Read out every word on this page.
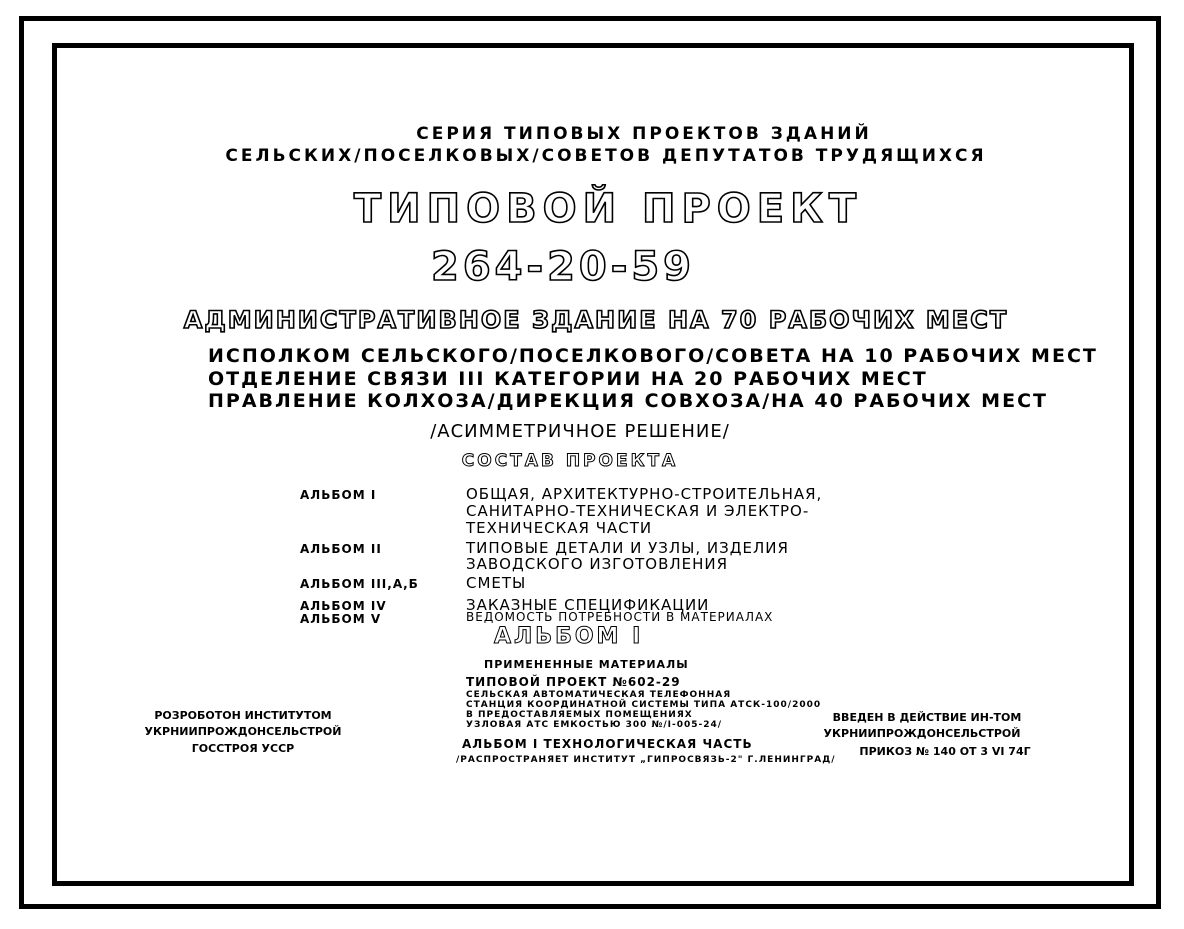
СЕРИЯ ТИПОВЫХ ПРОЕКТОВ ЗДАНИЙ
СЕЛЬСКИХ/ПОСЕЛКОВЫХ/СОВЕТОВ ДЕПУТАТОВ ТРУДЯЩИХСЯ
ТИПОВОЙ ПРОЕКТ
264-20-59
АДМИНИСТРАТИВНОЕ ЗДАНИЕ НА 70 РАБОЧИХ МЕСТ
ИСПОЛКОМ СЕЛЬСКОГО/ПОСЕЛКОВОГО/СОВЕТА НА 10 РАБОЧИХ МЕСТ
ОТДЕЛЕНИЕ СВЯЗИ III КАТЕГОРИИ НА 20 РАБОЧИХ МЕСТ
ПРАВЛЕНИЕ КОЛХОЗА/ДИРЕКЦИЯ СОВХОЗА/НА 40 РАБОЧИХ МЕСТ
/АСИММЕТРИЧНОЕ РЕШЕНИЕ/
СОСТАВ ПРОЕКТА
АЛЬБОМ I	ОБЩАЯ, АРХИТЕКТУРНО-СТРОИТЕЛЬНАЯ,
САНИТАРНО-ТЕХНИЧЕСКАЯ И ЭЛЕКТРО-
ТЕХНИЧЕСКАЯ ЧАСТИ
АЛЬБОМ II	ТИПОВЫЕ ДЕТАЛИ И УЗЛЫ, ИЗДЕЛИЯ
ЗАВОДСКОГО ИЗГОТОВЛЕНИЯ
АЛЬБОМ III,А,Б	СМЕТЫ
АЛЬБОМ IV	ЗАКАЗНЫЕ СПЕЦИФИКАЦИИ
АЛЬБОМ V	ВЕДОМОСТЬ ПОТРЕБНОСТИ В МАТЕРИАЛАХ
АЛЬБОМ I
ПРИМЕНЕННЫЕ МАТЕРИАЛЫ
ТИПОВОЙ ПРОЕКТ №602-29
СЕЛЬСКАЯ АВТОМАТИЧЕСКАЯ ТЕЛЕФОННАЯ
СТАНЦИЯ КООРДИНАТНОЙ СИСТЕМЫ ТИПА АТСК-100/2000
В ПРЕДОСТАВЛЯЕМЫХ ПОМЕЩЕНИЯХ
УЗЛОВАЯ АТС ЕМКОСТЬЮ 300 №/I-005-24/
АЛЬБОМ I ТЕХНОЛОГИЧЕСКАЯ ЧАСТЬ
/РАСПРОСТРАНЯЕТ ИНСТИТУТ „ГИПРОСВЯЗЬ-2" Г.ЛЕНИНГРАД/
РОЗРОБОТОН ИНСТИТУТОМ
УКРНИИПРОЖДОНСЕЛЬСТРОЙ
ГОССТРОЯ УССР
ВВЕДЕН В ДЕЙСТВИЕ ИН-ТОМ
УКРНИИПРОЖДОНСЕЛЬСТРОЙ
ПРИКОЗ № 140 ОТ 3 VI 74Г
